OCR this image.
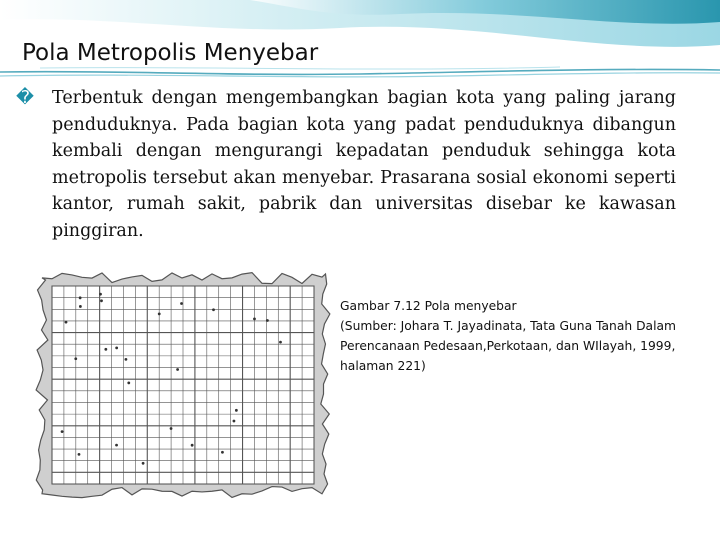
Pola Metropolis Menyebar
� Terbentuk dengan mengembangkan bagian kota yang paling jarang penduduknya. Pada bagian kota yang padat penduduknya dibangun kembali dengan mengurangi kepadatan penduduk sehingga kota metropolis tersebut akan menyebar. Prasarana sosial ekonomi seperti kantor, rumah sakit, pabrik dan universitas disebar ke kawasan pinggiran.

Gambar 7.12 Pola menyebar
(Sumber: Johara T. Jayadinata, Tata Guna Tanah Dalam Perencanaan Pedesaan,Perkotaan, dan WIlayah, 1999, halaman 221)
